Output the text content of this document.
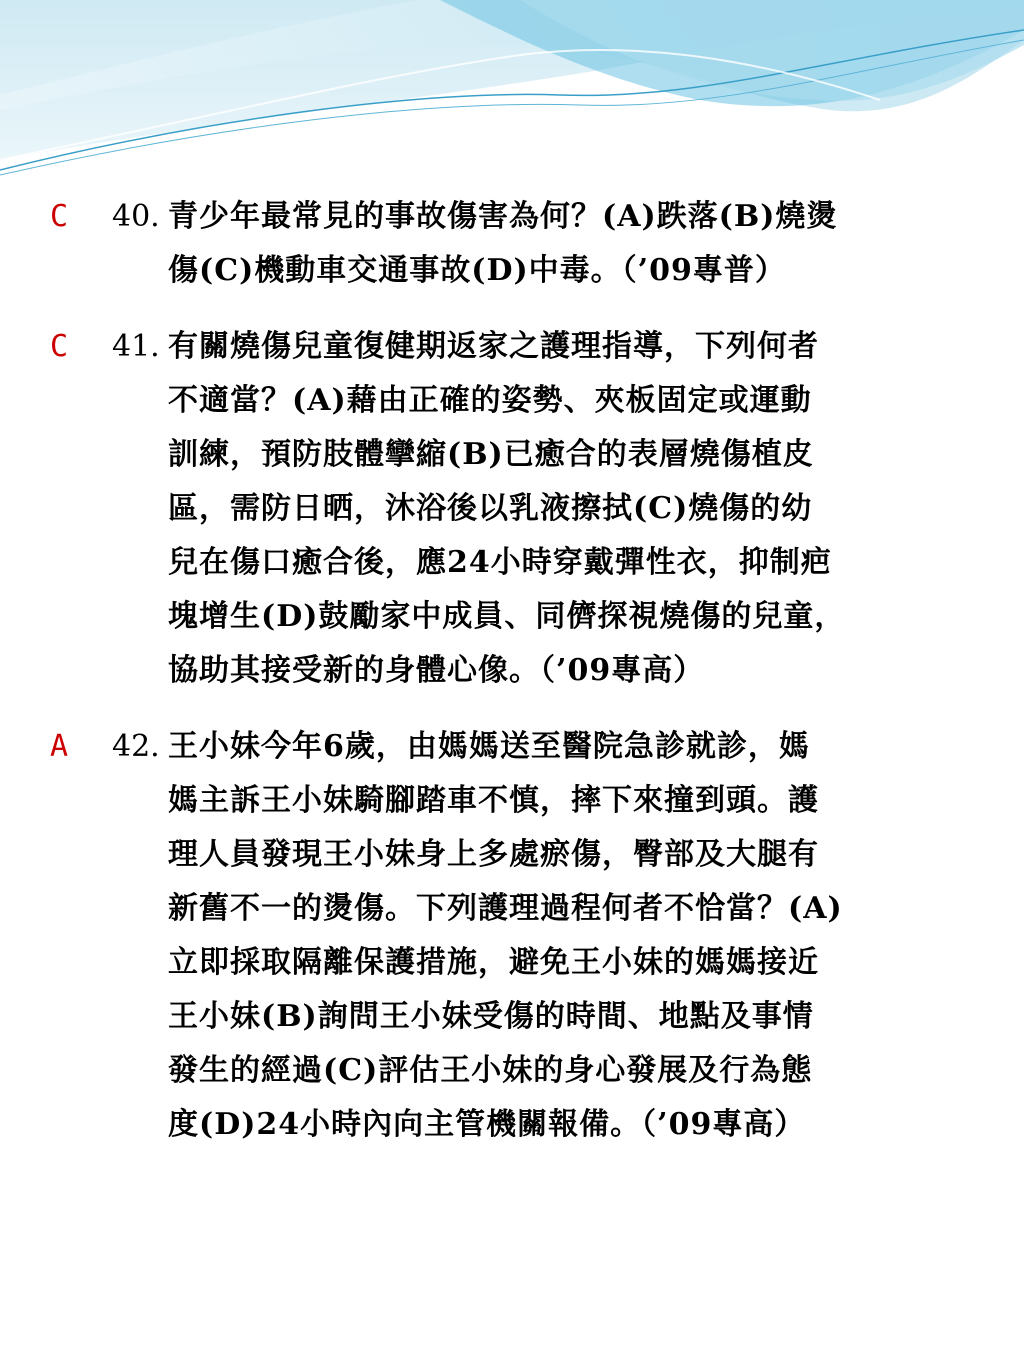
C 40. 青少年最常見的事故傷害為何？(A)跌落(B)燒燙
傷(C)機動車交通事故(D)中毒。（’09專普）
C 41. 有關燒傷兒童復健期返家之護理指導，下列何者
不適當？(A)藉由正確的姿勢、夾板固定或運動
訓練，預防肢體攣縮(B)已癒合的表層燒傷植皮
區，需防日晒，沐浴後以乳液擦拭(C)燒傷的幼
兒在傷口癒合後，應24小時穿戴彈性衣，抑制疤
塊增生(D)鼓勵家中成員、同儕探視燒傷的兒童，
協助其接受新的身體心像。（’09專高）
A 42. 王小妹今年6歲，由媽媽送至醫院急診就診，媽
媽主訴王小妹騎腳踏車不慎，摔下來撞到頭。護
理人員發現王小妹身上多處瘀傷，臀部及大腿有
新舊不一的燙傷。下列護理過程何者不恰當？(A)
立即採取隔離保護措施，避免王小妹的媽媽接近
王小妹(B)詢問王小妹受傷的時間、地點及事情
發生的經過(C)評估王小妹的身心發展及行為態
度(D)24小時內向主管機關報備。（’09專高）
